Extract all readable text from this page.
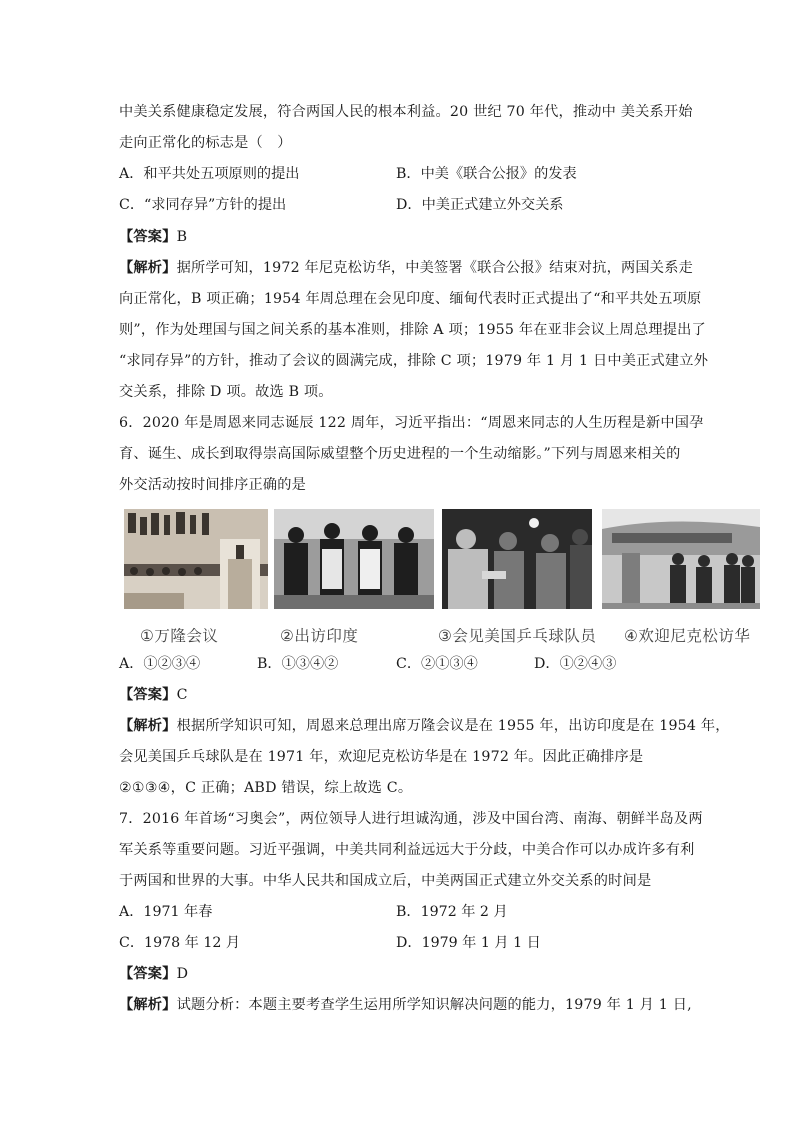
中美关系健康稳定发展，符合两国人民的根本利益。20 世纪 70 年代，推动中 美关系开始
走向正常化的标志是（　）
A．和平共处五项原则的提出	B．中美《联合公报》的发表
C．“求同存异”方针的提出	D．中美正式建立外交关系
【答案】B
【解析】据所学可知，1972 年尼克松访华，中美签署《联合公报》结束对抗，两国关系走
向正常化，B 项正确；1954 年周总理在会见印度、缅甸代表时正式提出了“和平共处五项原
则”，作为处理国与国之间关系的基本准则，排除 A 项；1955 年在亚非会议上周总理提出了
“求同存异”的方针，推动了会议的圆满完成，排除 C 项；1979 年 1 月 1 日中美正式建立外
交关系，排除 D 项。故选 B 项。
6．2020 年是周恩来同志诞辰 122 周年，习近平指出：“周恩来同志的人生历程是新中国孕
育、诞生、成长到取得崇高国际威望整个历史进程的一个生动缩影。”下列与周恩来相关的
外交活动按时间排序正确的是
①万隆会议	②出访印度	③会见美国乒乓球队员 ④欢迎尼克松访华
A．①②③④	B．①③④②	C．②①③④	D．①②④③
【答案】C
【解析】根据所学知识可知，周恩来总理出席万隆会议是在 1955 年，出访印度是在 1954 年，
会见美国乒乓球队是在 1971 年，欢迎尼克松访华是在 1972 年。因此正确排序是
②①③④，C 正确；ABD 错误，综上故选 C。
7．2016 年首场“习奥会”，两位领导人进行坦诚沟通，涉及中国台湾、南海、朝鲜半岛及两
军关系等重要问题。习近平强调，中美共同利益远远大于分歧，中美合作可以办成许多有利
于两国和世界的大事。中华人民共和国成立后，中美两国正式建立外交关系的时间是
A．1971 年春	B．1972 年 2 月
C．1978 年 12 月	D．1979 年 1 月 1 日
【答案】D
【解析】试题分析：本题主要考查学生运用所学知识解决问题的能力，1979 年 1 月 1 日,
